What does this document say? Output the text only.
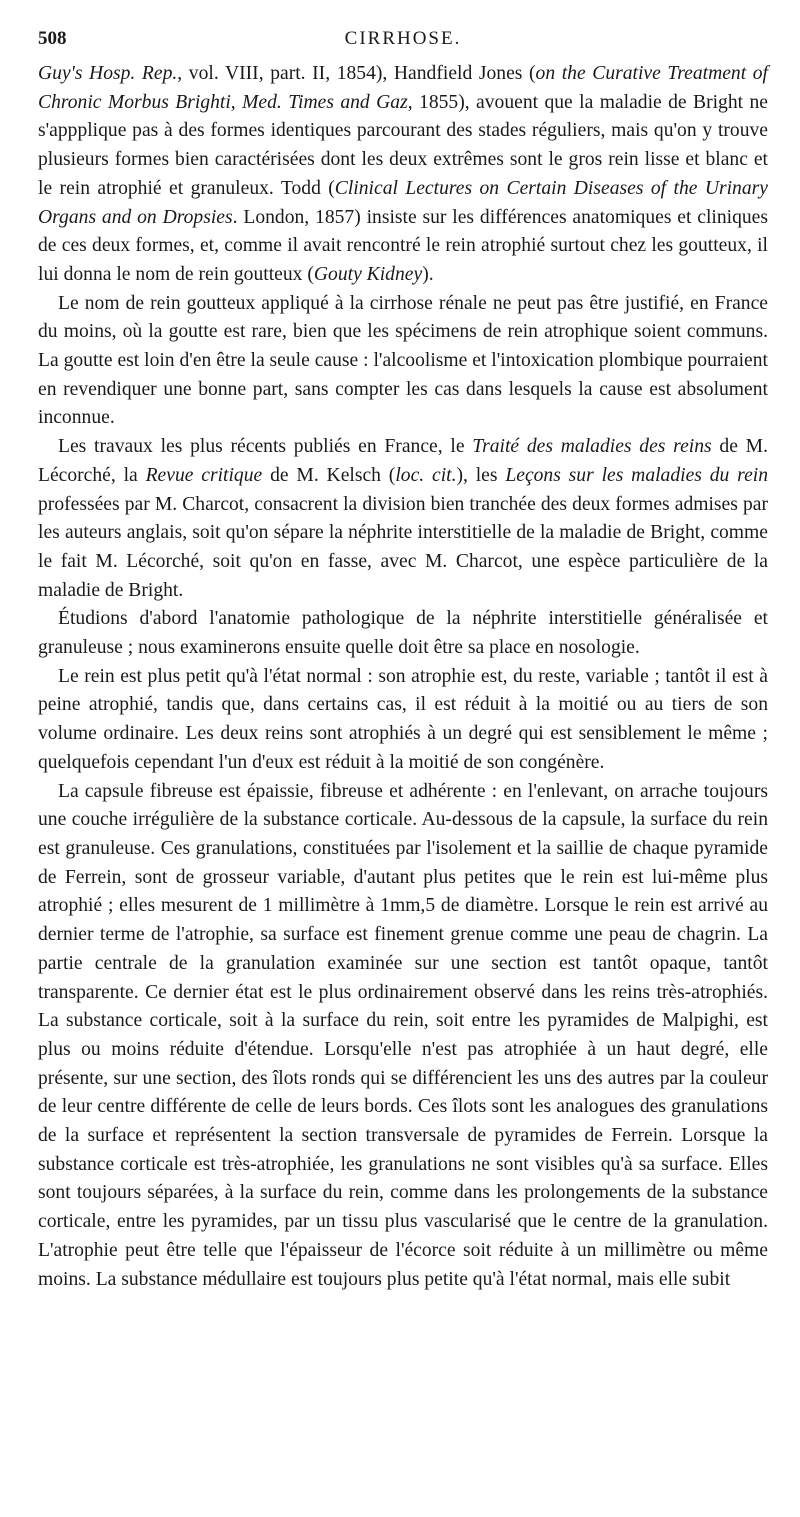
508	CIRRHOSE.

Guy's Hosp. Rep., vol. VIII, part. II, 1854), Handfield Jones (on the Curative Treatment of Chronic Morbus Brighti, Med. Times and Gaz, 1855), avouent que la maladie de Bright ne s'appplique pas à des formes identiques parcourant des stades réguliers, mais qu'on y trouve plusieurs formes bien caractérisées dont les deux extrêmes sont le gros rein lisse et blanc et le rein atrophié et granuleux. Todd (Clinical Lectures on Certain Diseases of the Urinary Organs and on Dropsies. London, 1857) insiste sur les différences anatomiques et cliniques de ces deux formes, et, comme il avait rencontré le rein atrophié surtout chez les goutteux, il lui donna le nom de rein goutteux (Gouty Kidney).

Le nom de rein goutteux appliqué à la cirrhose rénale ne peut pas être justifié, en France du moins, où la goutte est rare, bien que les spécimens de rein atrophique soient communs. La goutte est loin d'en être la seule cause : l'alcoolisme et l'intoxication plombique pourraient en revendiquer une bonne part, sans compter les cas dans lesquels la cause est absolument inconnue.

Les travaux les plus récents publiés en France, le Traité des maladies des reins de M. Lécorché, la Revue critique de M. Kelsch (loc. cit.), les Leçons sur les maladies du rein professées par M. Charcot, consacrent la division bien tranchée des deux formes admises par les auteurs anglais, soit qu'on sépare la néphrite interstitielle de la maladie de Bright, comme le fait M. Lécorché, soit qu'on en fasse, avec M. Charcot, une espèce particulière de la maladie de Bright.

Étudions d'abord l'anatomie pathologique de la néphrite interstitielle généralisée et granuleuse ; nous examinerons ensuite quelle doit être sa place en nosologie.

Le rein est plus petit qu'à l'état normal : son atrophie est, du reste, variable ; tantôt il est à peine atrophié, tandis que, dans certains cas, il est réduit à la moitié ou au tiers de son volume ordinaire. Les deux reins sont atrophiés à un degré qui est sensiblement le même ; quelquefois cependant l'un d'eux est réduit à la moitié de son congénère.

La capsule fibreuse est épaissie, fibreuse et adhérente : en l'enlevant, on arrache toujours une couche irrégulière de la substance corticale. Au-dessous de la capsule, la surface du rein est granuleuse. Ces granulations, constituées par l'isolement et la saillie de chaque pyramide de Ferrein, sont de grosseur variable, d'autant plus petites que le rein est lui-même plus atrophié ; elles mesurent de 1 millimètre à 1mm,5 de diamètre. Lorsque le rein est arrivé au dernier terme de l'atrophie, sa surface est finement grenue comme une peau de chagrin. La partie centrale de la granulation examinée sur une section est tantôt opaque, tantôt transparente. Ce dernier état est le plus ordinairement observé dans les reins très-atrophiés. La substance corticale, soit à la surface du rein, soit entre les pyramides de Malpighi, est plus ou moins réduite d'étendue. Lorsqu'elle n'est pas atrophiée à un haut degré, elle présente, sur une section, des îlots ronds qui se différencient les uns des autres par la couleur de leur centre différente de celle de leurs bords. Ces îlots sont les analogues des granulations de la surface et représentent la section transversale de pyramides de Ferrein. Lorsque la substance corticale est très-atrophiée, les granulations ne sont visibles qu'à sa surface. Elles sont toujours séparées, à la surface du rein, comme dans les prolongements de la substance corticale, entre les pyramides, par un tissu plus vascularisé que le centre de la granulation. L'atrophie peut être telle que l'épaisseur de l'écorce soit réduite à un millimètre ou même moins. La substance médullaire est toujours plus petite qu'à l'état normal, mais elle subit
